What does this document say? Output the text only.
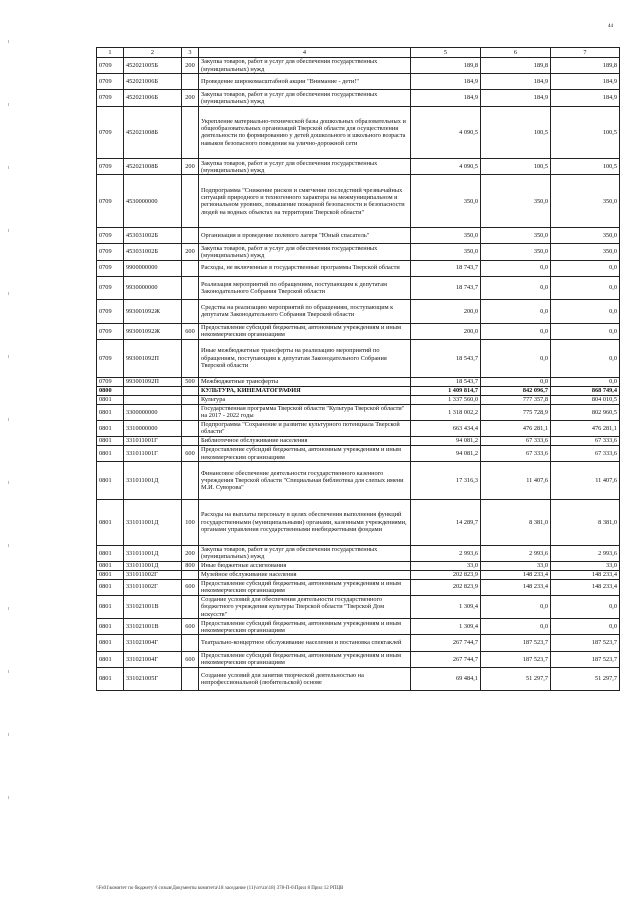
44
1	2	3	4	5	6	7
0709	452021005Б	200	Закупка товаров, работ и услуг для обеспечения государственных (муниципальных) нужд	189,8	189,8	189,8
0709	452021006Б		Проведение широкомасштабной акции "Внимание - дети!"	184,9	184,9	184,9
0709	452021006Б	200	Закупка товаров, работ и услуг для обеспечения государственных (муниципальных) нужд	184,9	184,9	184,9
0709	452021008Б		Укрепление материально-технической базы дошкольных образовательных и общеобразовательных организаций Тверской области для осуществления деятельности по формированию у детей дошкольного и школьного возраста навыков безопасного поведения на улично-дорожной сети	4 090,5	100,5	100,5
0709	452021008Б	200	Закупка товаров, работ и услуг для обеспечения государственных (муниципальных) нужд	4 090,5	100,5	100,5
0709	4530000000		Подпрограмма "Снижение рисков и смягчение последствий чрезвычайных ситуаций природного и техногенного характера на межмуниципальном и региональном уровнях, повышение пожарной безопасности и безопасности людей на водных объектах на территории Тверской области"	350,0	350,0	350,0
0709	453031002Б		Организация и проведение полевого лагеря "Юный спасатель"	350,0	350,0	350,0
0709	453031002Б	200	Закупка товаров, работ и услуг для обеспечения государственных (муниципальных) нужд	350,0	350,0	350,0
0709	9900000000		Расходы, не включенные в государственные программы Тверской области	18 743,7	0,0	0,0
0709	9930000000		Реализация мероприятий по обращениям, поступающим к депутатам Законодательного Собрания Тверской области	18 743,7	0,0	0,0
0709	993001092Ж		Средства на реализацию мероприятий по обращениям, поступающим к депутатам Законодательного Собрания Тверской области	200,0	0,0	0,0
0709	993001092Ж	600	Предоставление субсидий бюджетным, автономным учреждениям и иным некоммерческим организациям	200,0	0,0	0,0
0709	993001092П		Иные межбюджетные трансферты на реализацию мероприятий по обращениям, поступающим к депутатам Законодательного Собрания Тверской области	18 543,7	0,0	0,0
0709	993001092П	500	Межбюджетные трансферты	18 543,7	0,0	0,0
0800			КУЛЬТУРА, КИНЕМАТОГРАФИЯ	1 409 814,7	842 096,7	868 749,4
0801			Культура	1 337 560,0	777 357,8	804 010,5
0801	3300000000		Государственная программа Тверской области "Культура Тверской области" на 2017 - 2022 годы	1 318 002,2	775 728,9	802 960,5
0801	3310000000		Подпрограмма "Сохранение и развитие культурного потенциала Тверской области"	663 434,4	476 281,1	476 281,1
0801	331011001Г		Библиотечное обслуживание населения	94 081,2	67 333,6	67 333,6
0801	331011001Г	600	Предоставление субсидий бюджетным, автономным учреждениям и иным некоммерческим организациям	94 081,2	67 333,6	67 333,6
0801	331011001Д		Финансовое обеспечение деятельности государственного казенного учреждения Тверской области "Специальная библиотека для слепых имени М.И. Суворова"	17 316,3	11 407,6	11 407,6
0801	331011001Д	100	Расходы на выплаты персоналу в целях обеспечения выполнения функций государственными (муниципальными) органами, казенными учреждениями, органами управления государственными внебюджетными фондами	14 289,7	8 381,0	8 381,0
0801	331011001Д	200	Закупка товаров, работ и услуг для обеспечения государственных (муниципальных) нужд	2 993,6	2 993,6	2 993,6
0801	331011001Д	800	Иные бюджетные ассигнования	33,0	33,0	33,0
0801	331011002Г		Музейное обслуживание населения	202 823,9	148 233,4	148 233,4
0801	331011002Г	600	Предоставление субсидий бюджетным, автономным учреждениям и иным некоммерческим организациям	202 823,9	148 233,4	148 233,4
0801	331021001В		Создание условий для обеспечения деятельности государственного бюджетного учреждения культуры Тверской области "Тверской Дом искусств"	1 309,4	0,0	0,0
0801	331021001В	600	Предоставление субсидий бюджетным, автономным учреждениям и иным некоммерческим организациям	1 309,4	0,0	0,0
0801	331021004Г		Театрально-концертное обслуживание населения и постановка спектаклей	267 744,7	187 523,7	187 523,7
0801	331021004Г	600	Предоставление субсидий бюджетным, автономным учреждениям и иным некоммерческим организациям	267 744,7	187 523,7	187 523,7
0801	331021005Г		Создание условий для занятия творческой деятельностью на непрофессиональной (любительской) основе	69 484,1	51 297,7	51 297,7
\\Fs01\комитет по бюджету\6 созыв\Документы комитета\18 заседание (11)\от\zn\18) 378-П-6\Прил 8 Прил 12 РПЦВ
